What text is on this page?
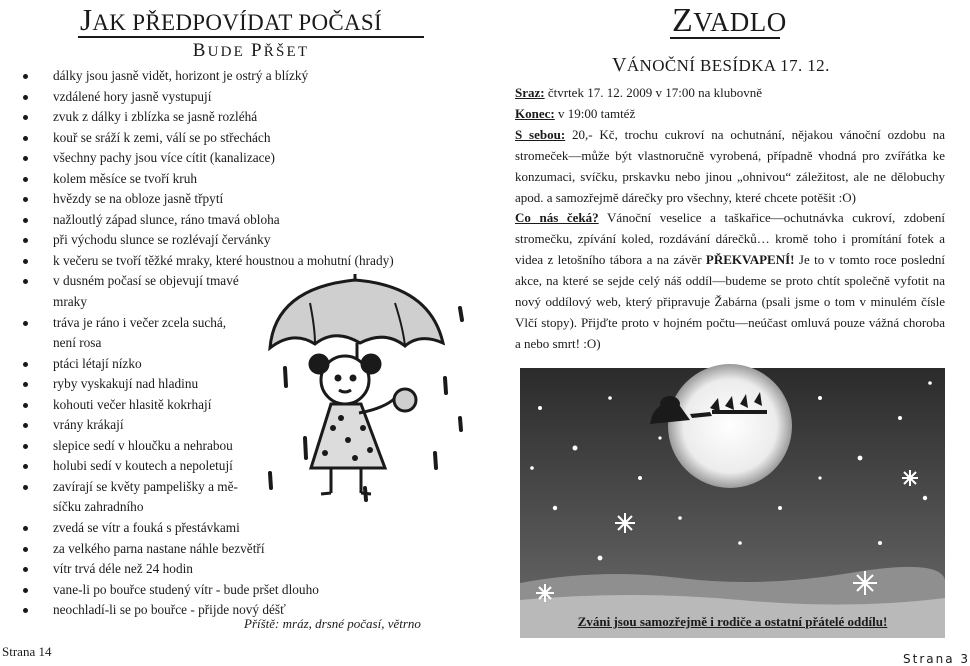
JAK PŘEDPOVÍDAT POČASÍ
BUDE PŘŠET
dálky jsou jasně vidět, horizont je ostrý a blízký
vzdálené hory jasně vystupují
zvuk z dálky i zblízka se jasně rozléhá
kouř se sráží k zemi, válí se po střechách
všechny pachy jsou více cítit (kanalizace)
kolem měsíce se tvoří kruh
hvězdy se na obloze jasně třpytí
nažloutlý západ slunce, ráno tmavá obloha
při východu slunce se rozlévají červánky
k večeru se tvoří těžké mraky, které houstnou a mohutní (hrady)
v dusném počasí se objevují tmavé
mraky
tráva je ráno i večer zcela suchá,
není rosa
ptáci létají nízko
ryby vyskakují nad hladinu
kohouti večer hlasitě kokrhají
vrány krákají
slepice sedí v hloučku a nehrabou
holubi sedí v koutech a nepoletují
zavírají se květy pampelišky a mě-
síčku zahradního
zvedá se vítr a fouká s přestávkami
za velkého parna nastane náhle bezvětří
vítr trvá déle než 24 hodin
vane-li po bouřce studený vítr - bude pršet dlouho
neochladí-li se po bouřce - přijde nový déšť
Příště: mráz, drsné počasí, větrno
Strana 14
ZVADLO
VÁNOČNÍ BESÍDKA 17. 12.

Sraz: čtvrtek 17. 12. 2009 v 17:00 na klubovně

Konec: v 19:00 tamtéž

S sebou: 20,- Kč, trochu cukroví na ochutnání, nějakou vánoční ozdobu na stromeček—může být vlastnoručně vyrobená, případně vhodná pro zvířátka ke konzumaci, svíčku, prskavku nebo jinou „ohnivou“ záležitost, ale ne dělobuchy apod. a samozřejmě dárečky pro všechny, které chcete potěšit :O)

Co nás čeká? Vánoční veselice a taškařice—ochutnávka cukroví, zdobení stromečku, zpívání koled, rozdávání dárečků… kromě toho i promítání fotek a videa z letošního tábora a na závěr PŘEKVAPENÍ! Je to v tomto roce poslední akce, na které se sejde celý náš oddíl—budeme se proto chtít společně vyfotit na nový oddílový web, který připravuje Žabárna (psali jsme o tom v minulém čísle Vlčí stopy). Přijďte proto v hojném počtu—neúčast omluvá pouze vážná choroba a nebo smrt! :O)

Zváni jsou samozřejmě i rodiče a ostatní přátelé oddílu!
Strana 3
